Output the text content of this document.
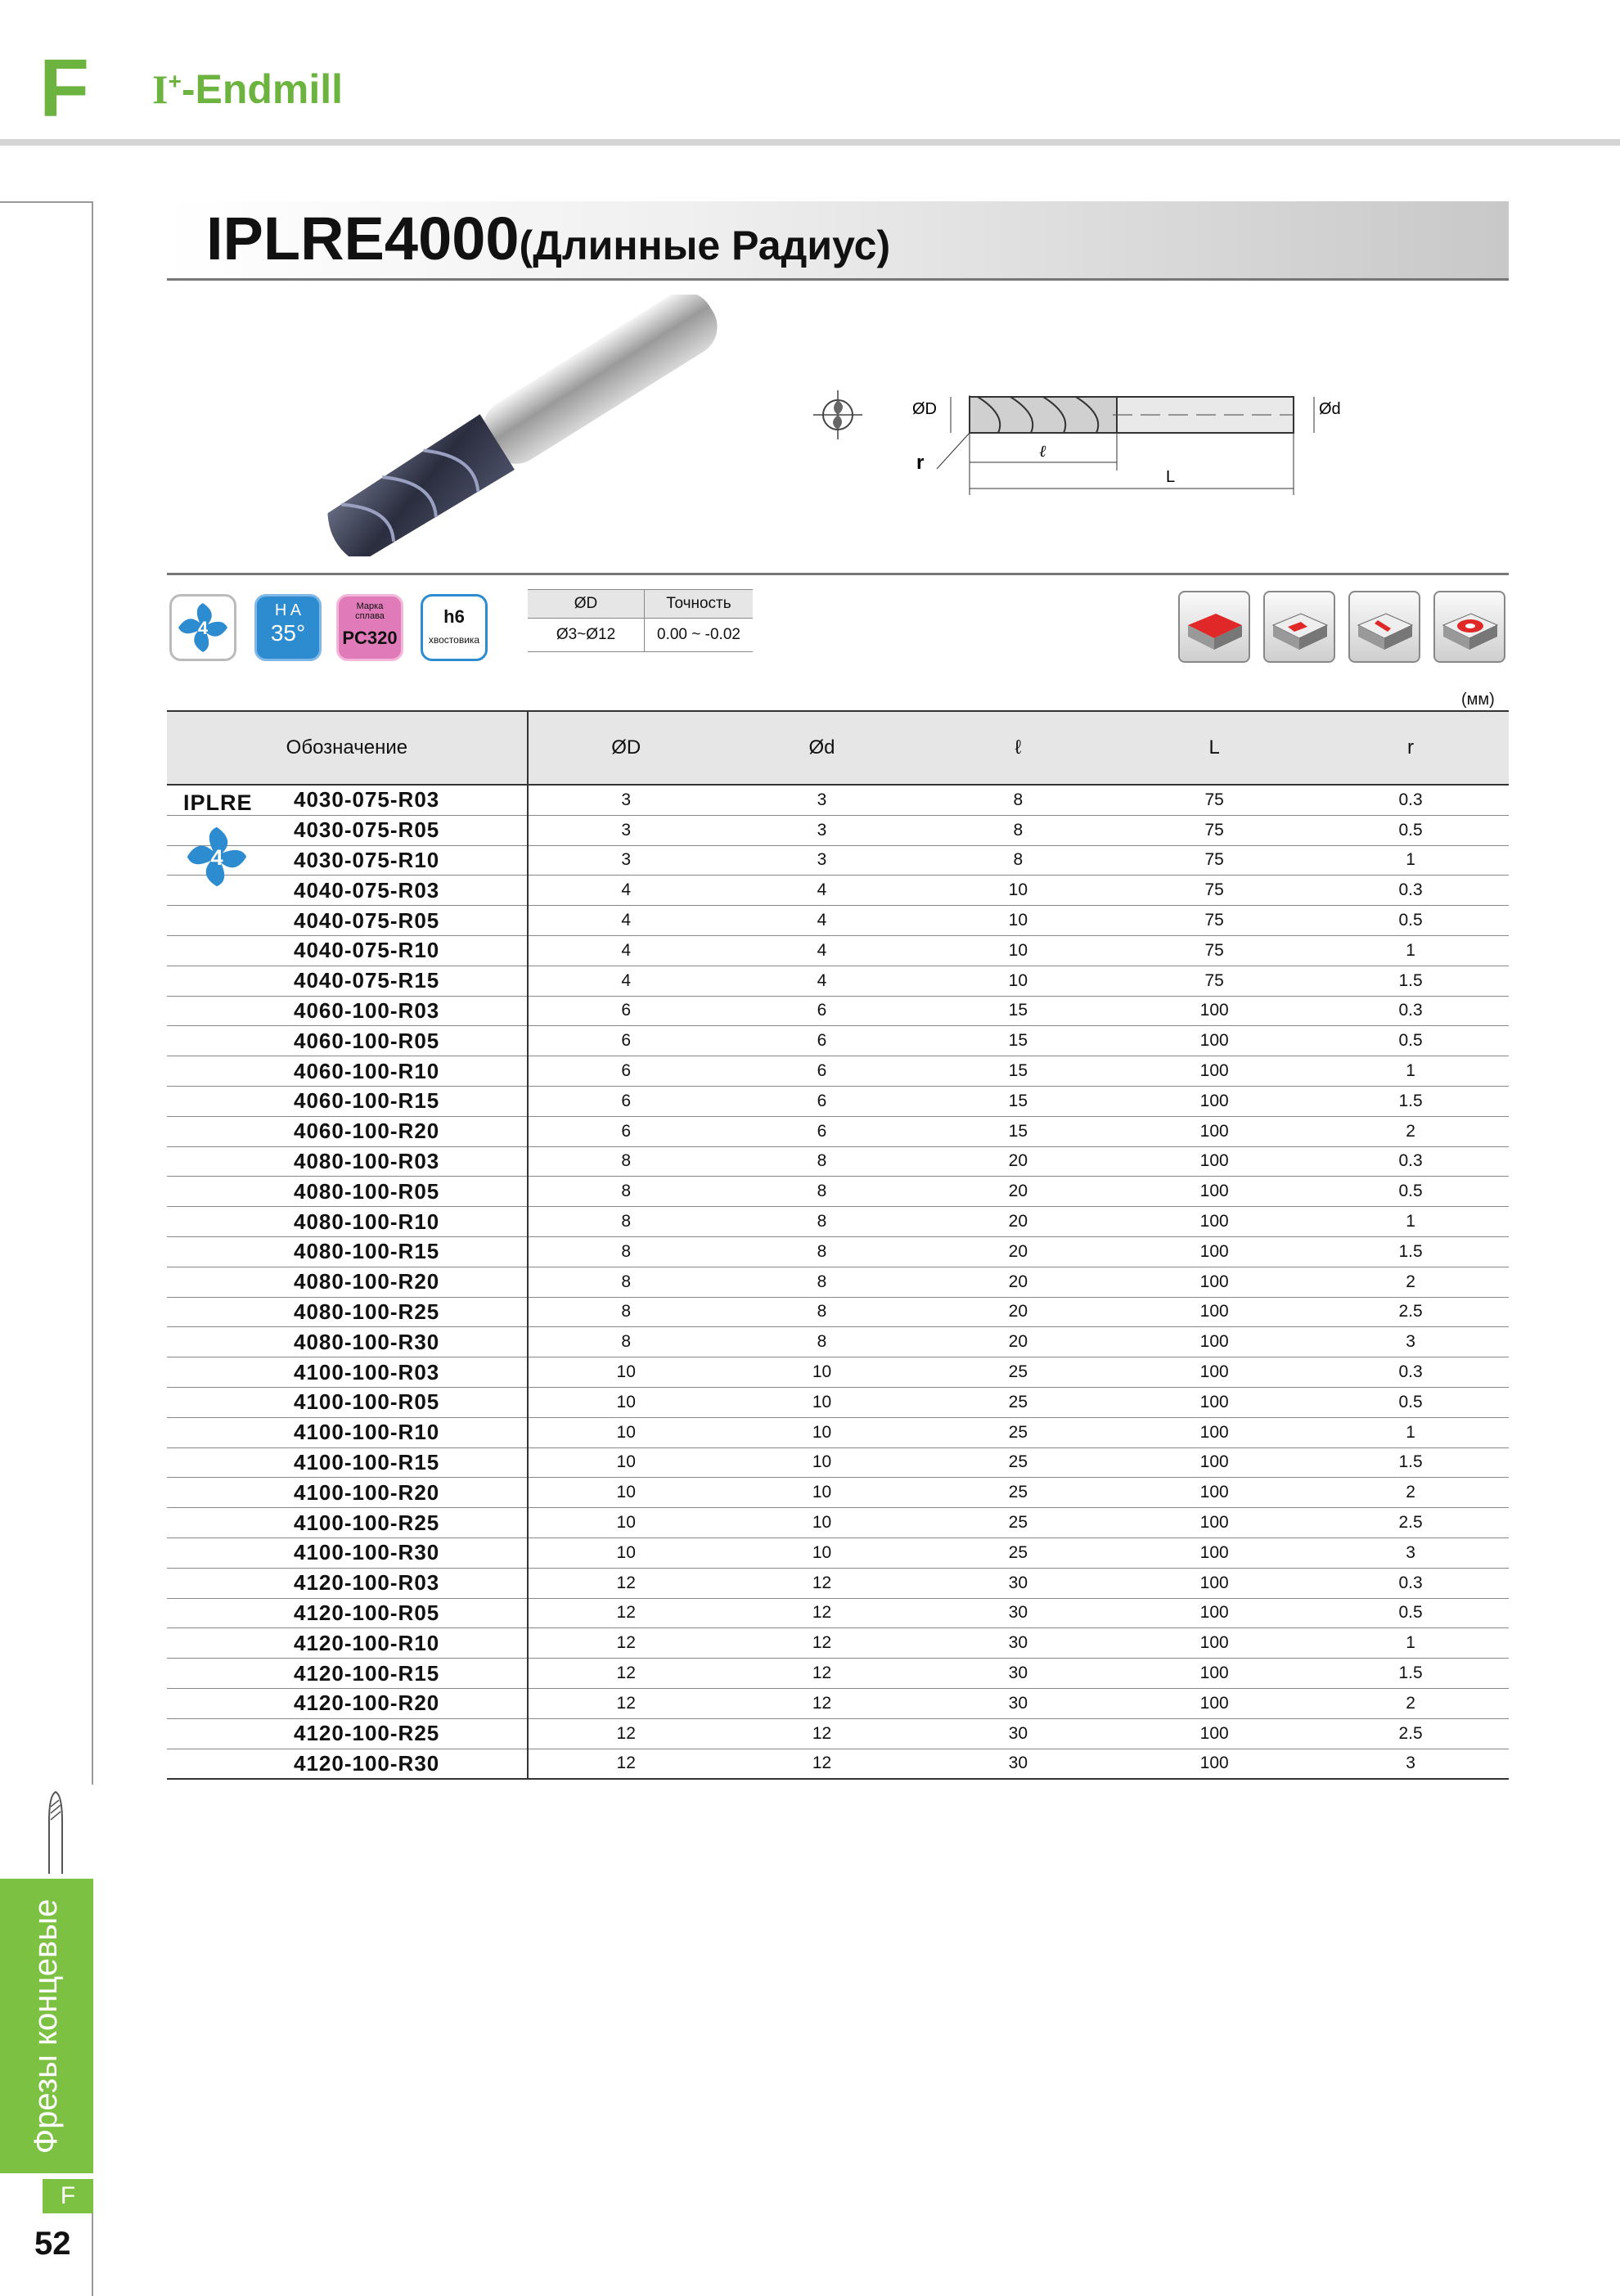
F I+-Endmill
Фрезы концевые
F
52
IPLRE4000(Длинные Радиус)
ØD	Ød
ℓ
L
r
4
H A
35°
Марка сплава
PC320
h6
хвостовика
ØD	Точность
Ø3~Ø12	0.00 ~ -0.02
(мм)
Обозначение	ØD	Ød	ℓ	L	r
4030-075-R03	3	3	8	75	0.3
4030-075-R05	3	3	8	75	0.5
4030-075-R10	3	3	8	75	1
4040-075-R03	4	4	10	75	0.3
4040-075-R05	4	4	10	75	0.5
4040-075-R10	4	4	10	75	1
4040-075-R15	4	4	10	75	1.5
4060-100-R03	6	6	15	100	0.3
4060-100-R05	6	6	15	100	0.5
4060-100-R10	6	6	15	100	1
4060-100-R15	6	6	15	100	1.5
4060-100-R20	6	6	15	100	2
4080-100-R03	8	8	20	100	0.3
4080-100-R05	8	8	20	100	0.5
4080-100-R10	8	8	20	100	1
4080-100-R15	8	8	20	100	1.5
4080-100-R20	8	8	20	100	2
4080-100-R25	8	8	20	100	2.5
4080-100-R30	8	8	20	100	3
4100-100-R03	10	10	25	100	0.3
4100-100-R05	10	10	25	100	0.5
4100-100-R10	10	10	25	100	1
4100-100-R15	10	10	25	100	1.5
4100-100-R20	10	10	25	100	2
4100-100-R25	10	10	25	100	2.5
4100-100-R30	10	10	25	100	3
4120-100-R03	12	12	30	100	0.3
4120-100-R05	12	12	30	100	0.5
4120-100-R10	12	12	30	100	1
4120-100-R15	12	12	30	100	1.5
4120-100-R20	12	12	30	100	2
4120-100-R25	12	12	30	100	2.5
4120-100-R30	12	12	30	100	3
IPLRE
4
